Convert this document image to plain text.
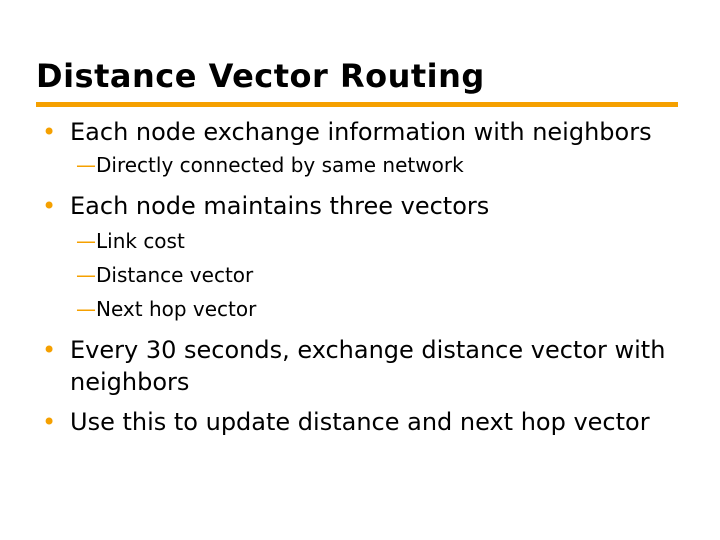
Distance Vector Routing
• Each node exchange information with neighbors
—Directly connected by same network
• Each node maintains three vectors
—Link cost
—Distance vector
—Next hop vector
• Every 30 seconds, exchange distance vector with neighbors
• Use this to update distance and next hop vector
